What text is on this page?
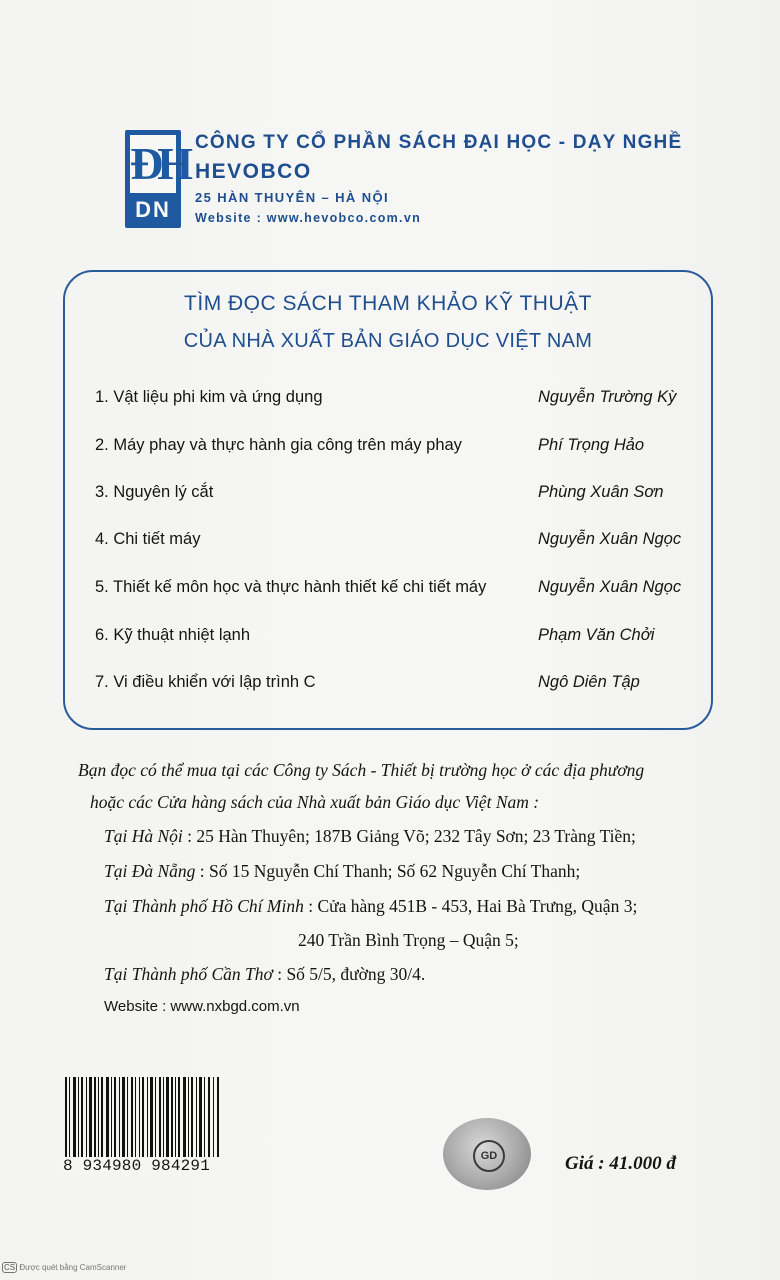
ĐH
DN
CÔNG TY CỔ PHẦN SÁCH ĐẠI HỌC - DẠY NGHỀ
HEVOBCO
25 HÀN THUYÊN – HÀ NỘI
Website : www.hevobco.com.vn
TÌM ĐỌC SÁCH THAM KHẢO KỸ THUẬT
CỦA NHÀ XUẤT BẢN GIÁO DỤC VIỆT NAM
1. Vật liệu phi kim và ứng dụng	Nguyễn Trường Kỳ
2. Máy phay và thực hành gia công trên máy phay	Phí Trọng Hảo
3. Nguyên lý cắt	Phùng Xuân Sơn
4. Chi tiết máy	Nguyễn Xuân Ngọc
5. Thiết kế môn học và thực hành thiết kế chi tiết máy	Nguyễn Xuân Ngọc
6. Kỹ thuật nhiệt lạnh	Phạm Văn Chởi
7. Vi điều khiển với lập trình C	Ngô Diên Tập
Bạn đọc có thể mua tại các Công ty Sách - Thiết bị trường học ở các địa phương
hoặc các Cửa hàng sách của Nhà xuất bản Giáo dục Việt Nam :
Tại Hà Nội : 25 Hàn Thuyên; 187B Giảng Võ; 232 Tây Sơn; 23 Tràng Tiền;
Tại Đà Nẵng : Số 15 Nguyễn Chí Thanh; Số 62 Nguyễn Chí Thanh;
Tại Thành phố Hồ Chí Minh : Cửa hàng 451B - 453, Hai Bà Trưng, Quận 3;
240 Trần Bình Trọng – Quận 5;
Tại Thành phố Cần Thơ : Số 5/5, đường 30/4.
Website : www.nxbgd.com.vn
8 934980 984291
GD	Giá : 41.000 đ
CS Được quét bằng CamScanner
